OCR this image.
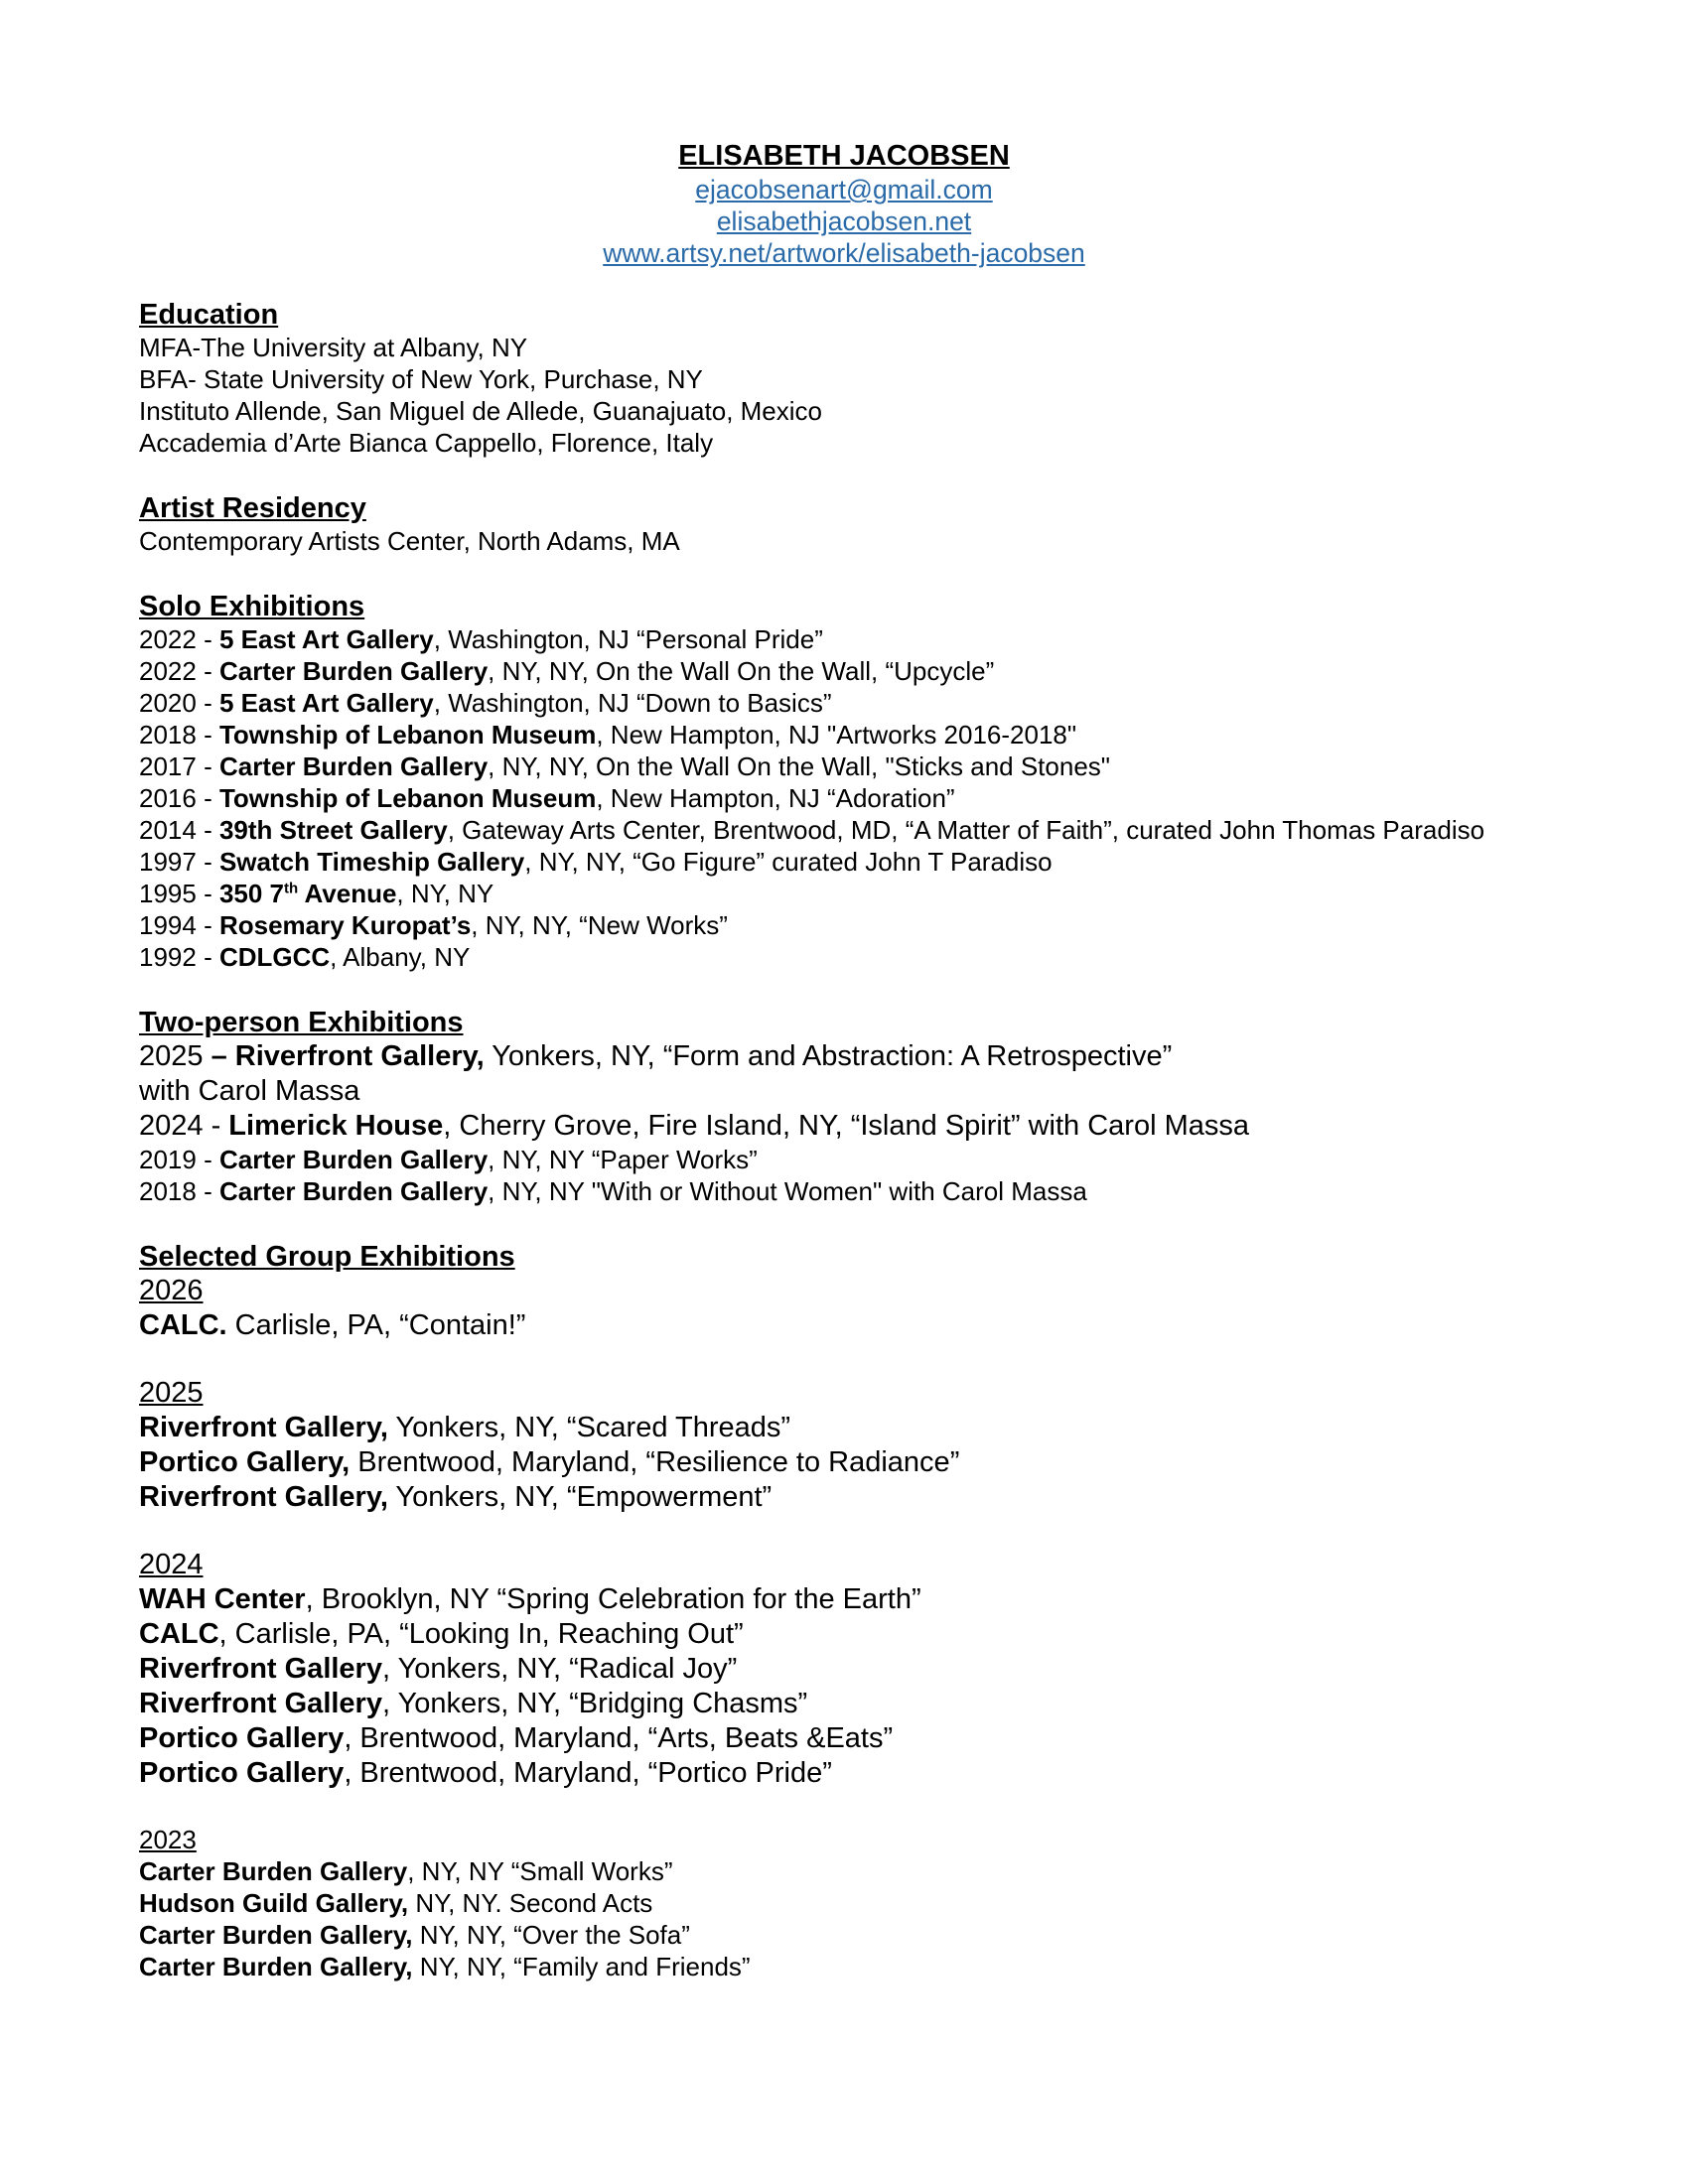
ELISABETH JACOBSEN
ejacobsenart@gmail.com
elisabethjacobsen.net
www.artsy.net/artwork/elisabeth-jacobsen
Education
MFA-The University at Albany, NY
BFA- State University of New York, Purchase, NY
Instituto Allende, San Miguel de Allede, Guanajuato, Mexico
Accademia d’Arte Bianca Cappello, Florence, Italy
Artist Residency
Contemporary Artists Center, North Adams, MA
Solo Exhibitions
2022 - 5 East Art Gallery, Washington, NJ “Personal Pride”
2022 - Carter Burden Gallery, NY, NY, On the Wall On the Wall, “Upcycle”
2020 - 5 East Art Gallery, Washington, NJ “Down to Basics”
2018 - Township of Lebanon Museum, New Hampton, NJ "Artworks 2016-2018"
2017 - Carter Burden Gallery, NY, NY, On the Wall On the Wall, "Sticks and Stones"
2016 - Township of Lebanon Museum, New Hampton, NJ “Adoration”
2014 - 39th Street Gallery, Gateway Arts Center, Brentwood, MD, “A Matter of Faith”, curated John Thomas Paradiso
1997 - Swatch Timeship Gallery, NY, NY, “Go Figure” curated John T Paradiso
1995 - 350 7th Avenue, NY, NY
1994 - Rosemary Kuropat’s, NY, NY, “New Works”
1992 - CDLGCC, Albany, NY
Two-person Exhibitions
2025 – Riverfront Gallery, Yonkers, NY, “Form and Abstraction: A Retrospective”
with Carol Massa
2024 - Limerick House, Cherry Grove, Fire Island, NY, “Island Spirit” with Carol Massa
2019 - Carter Burden Gallery, NY, NY “Paper Works”
2018 - Carter Burden Gallery, NY, NY "With or Without Women" with Carol Massa
Selected Group Exhibitions
2026
CALC. Carlisle, PA, “Contain!”
2025
Riverfront Gallery, Yonkers, NY, “Scared Threads”
Portico Gallery, Brentwood, Maryland, “Resilience to Radiance”
Riverfront Gallery, Yonkers, NY, “Empowerment”
2024
WAH Center, Brooklyn, NY “Spring Celebration for the Earth”
CALC, Carlisle, PA, “Looking In, Reaching Out”
Riverfront Gallery, Yonkers, NY, “Radical Joy”
Riverfront Gallery, Yonkers, NY, “Bridging Chasms”
Portico Gallery, Brentwood, Maryland, “Arts, Beats &Eats”
Portico Gallery, Brentwood, Maryland, “Portico Pride”
2023
Carter Burden Gallery, NY, NY “Small Works”
Hudson Guild Gallery, NY, NY. Second Acts
Carter Burden Gallery, NY, NY, “Over the Sofa”
Carter Burden Gallery, NY, NY, “Family and Friends”
